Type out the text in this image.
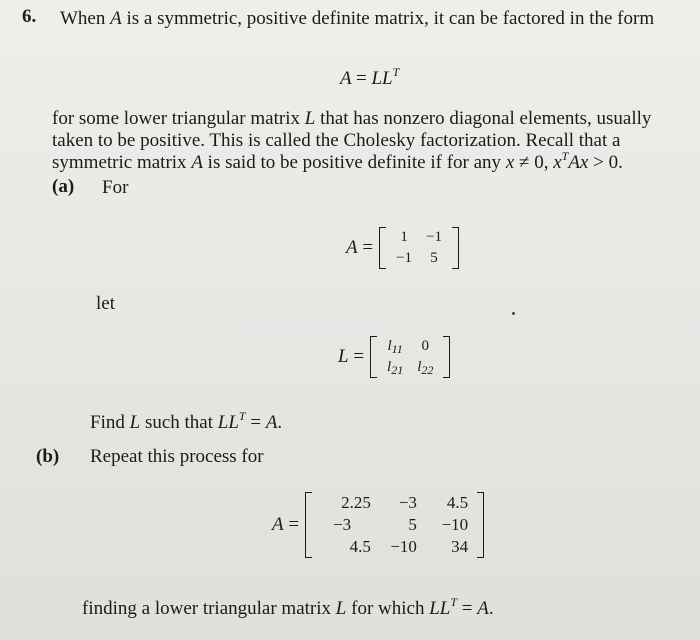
6. When A is a symmetric, positive definite matrix, it can be factored in the form
$A = LL^T$
for some lower triangular matrix L that has nonzero diagonal elements, usually
taken to be positive. This is called the Cholesky factorization. Recall that a
symmetric matrix A is said to be positive definite if for any x ≠ 0, $x^TAx > 0$.
(a) For
A = 1	−1
−1	5
let
$L = l_{11}$	0
$l_{21}$	$l_{22}$
Find L such that $LL^T = A$.
(b) Repeat this process for
A =
2.25	−3	4.5
−3	5	−10
4.5	−10	34
finding a lower triangular matrix L for which $LL^T = A$.
